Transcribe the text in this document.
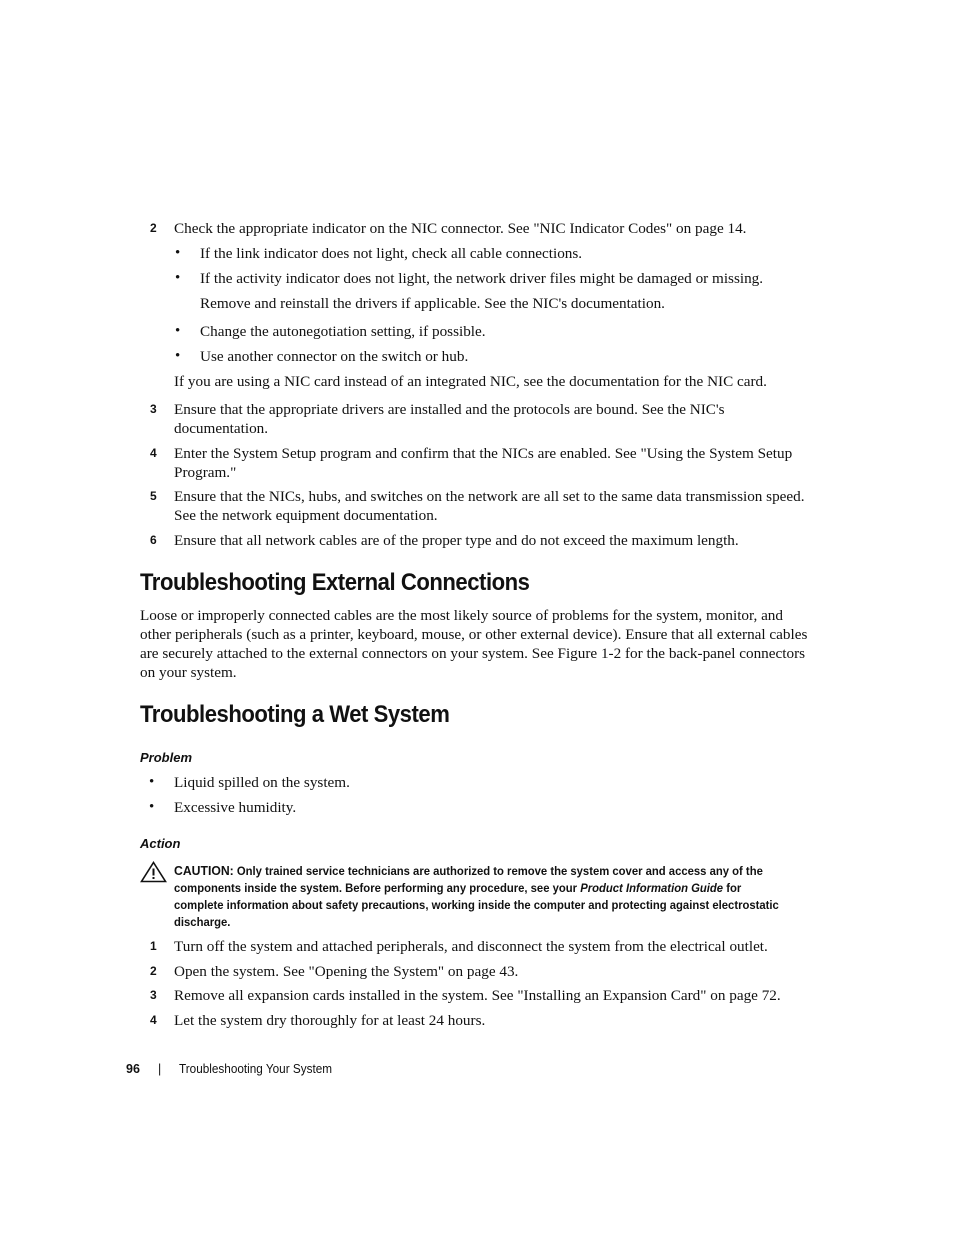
2 Check the appropriate indicator on the NIC connector. See "NIC Indicator Codes" on page 14.
• If the link indicator does not light, check all cable connections.
• If the activity indicator does not light, the network driver files might be damaged or missing.
Remove and reinstall the drivers if applicable. See the NIC's documentation.
• Change the autonegotiation setting, if possible.
• Use another connector on the switch or hub.
If you are using a NIC card instead of an integrated NIC, see the documentation for the NIC card.
3 Ensure that the appropriate drivers are installed and the protocols are bound. See the NIC's documentation.
4 Enter the System Setup program and confirm that the NICs are enabled. See "Using the System Setup Program."
5 Ensure that the NICs, hubs, and switches on the network are all set to the same data transmission speed. See the network equipment documentation.
6 Ensure that all network cables are of the proper type and do not exceed the maximum length.
Troubleshooting External Connections
Loose or improperly connected cables are the most likely source of problems for the system, monitor, and other peripherals (such as a printer, keyboard, mouse, or other external device). Ensure that all external cables are securely attached to the external connectors on your system. See Figure 1-2 for the back-panel connectors on your system.
Troubleshooting a Wet System
Problem
• Liquid spilled on the system.
• Excessive humidity.
Action
CAUTION: Only trained service technicians are authorized to remove the system cover and access any of the components inside the system. Before performing any procedure, see your Product Information Guide for complete information about safety precautions, working inside the computer and protecting against electrostatic discharge.
1 Turn off the system and attached peripherals, and disconnect the system from the electrical outlet.
2 Open the system. See "Opening the System" on page 43.
3 Remove all expansion cards installed in the system. See "Installing an Expansion Card" on page 72.
4 Let the system dry thoroughly for at least 24 hours.
96 | Troubleshooting Your System
